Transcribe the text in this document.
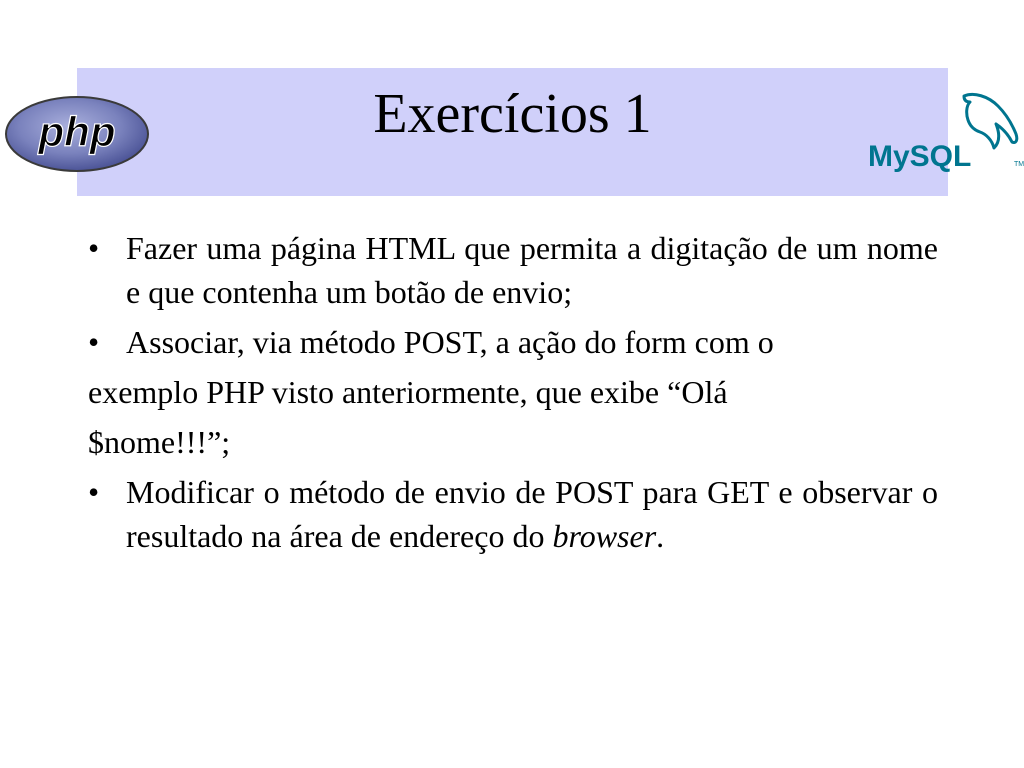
Exercícios 1
php
MySQL	TM
• Fazer uma página HTML que permita a digitação de um nome e que contenha um botão de envio;
• Associar, via método POST, a ação do form com o
exemplo PHP visto anteriormente, que exibe “Olá
$nome!!!”;
• Modificar o método de envio de POST para GET e observar o resultado na área de endereço do browser.
